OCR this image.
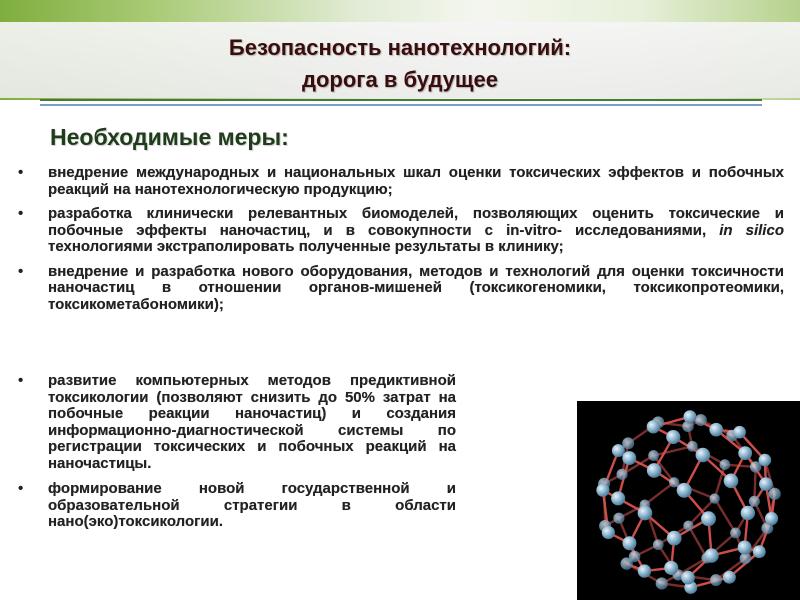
Безопасность нанотехнологий:
дорога в будущее
Необходимые меры:
• внедрение международных и национальных шкал оценки токсических эффектов и побочных реакций на нанотехнологическую продукцию;
• разработка клинически релевантных биомоделей, позволяющих оценить токсические и побочные эффекты наночастиц, и в совокупности с in-vitro- исследованиями, in silico технологиями экстраполировать полученные результаты в клинику;
• внедрение и разработка нового оборудования, методов и технологий для оценки токсичности наночастиц в отношении органов-мишеней (токсикогеномики, токсикопротеомики, токсикометабономики);
• развитие компьютерных методов предиктивной токсикологии (позволяют снизить до 50% затрат на побочные реакции наночастиц) и создания информационно-диагностической системы по регистрации токсических и побочных реакций на наночастицы.
• формирование новой государственной и образовательной стратегии в области нано(эко)токсикологии.
